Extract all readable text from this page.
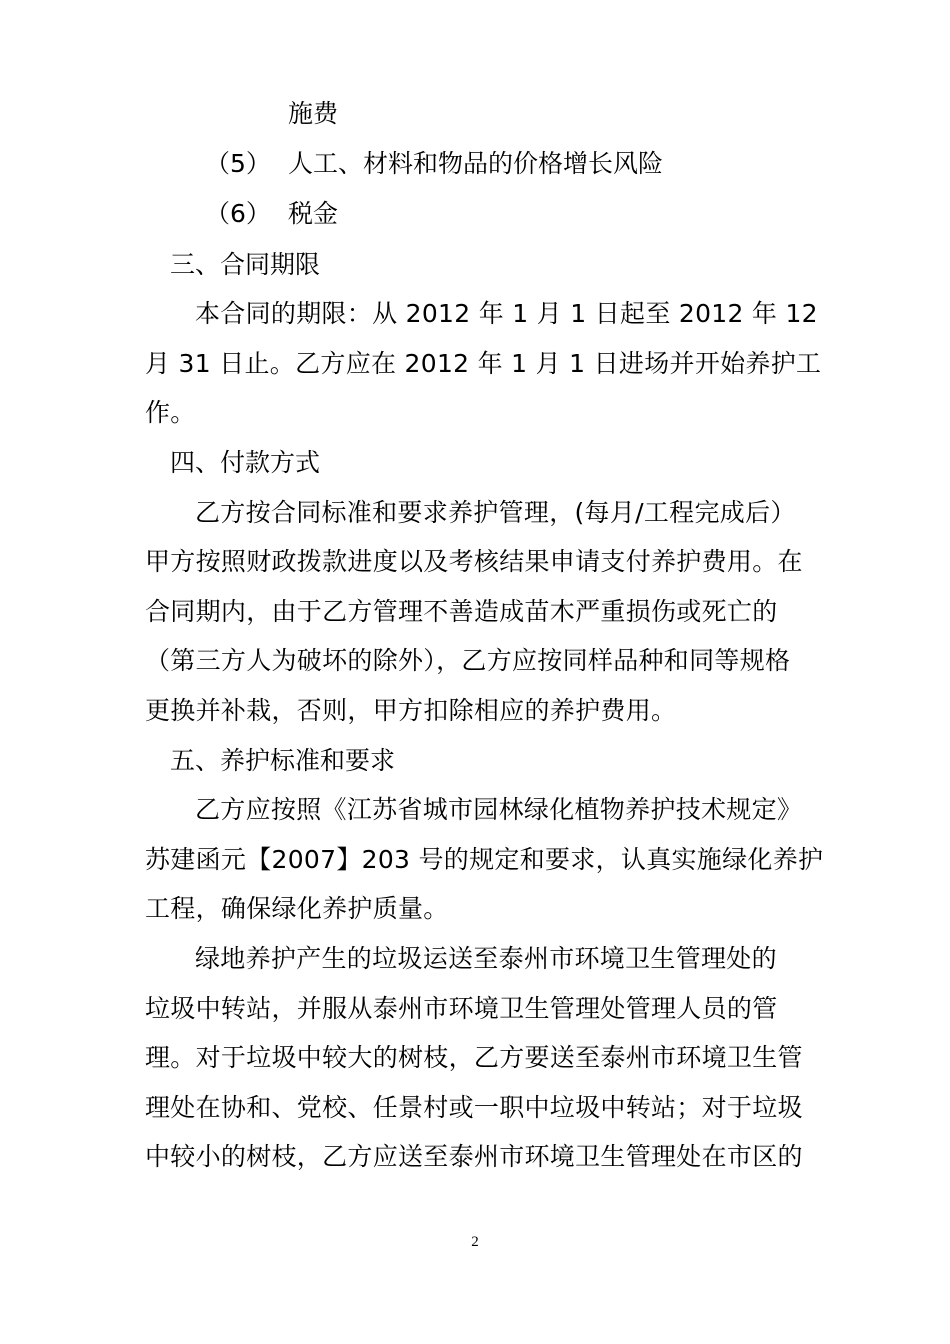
施费
（5） 人工、材料和物品的价格增长风险
（6） 税金
三、合同期限
本合同的期限：从 2012 年 1 月 1 日起至 2012 年 12
月 31 日止。乙方应在 2012 年 1 月 1 日进场并开始养护工
作。
四、付款方式
乙方按合同标准和要求养护管理，(每月/工程完成后）
甲方按照财政拨款进度以及考核结果申请支付养护费用。在
合同期内，由于乙方管理不善造成苗木严重损伤或死亡的
（第三方人为破坏的除外），乙方应按同样品种和同等规格
更换并补栽，否则，甲方扣除相应的养护费用。
五、养护标准和要求
乙方应按照《江苏省城市园林绿化植物养护技术规定》
苏建函元【2007】203 号的规定和要求，认真实施绿化养护
工程，确保绿化养护质量。
绿地养护产生的垃圾运送至泰州市环境卫生管理处的
垃圾中转站，并服从泰州市环境卫生管理处管理人员的管
理。对于垃圾中较大的树枝，乙方要送至泰州市环境卫生管
理处在协和、党校、任景村或一职中垃圾中转站；对于垃圾
中较小的树枝，乙方应送至泰州市环境卫生管理处在市区的
2
